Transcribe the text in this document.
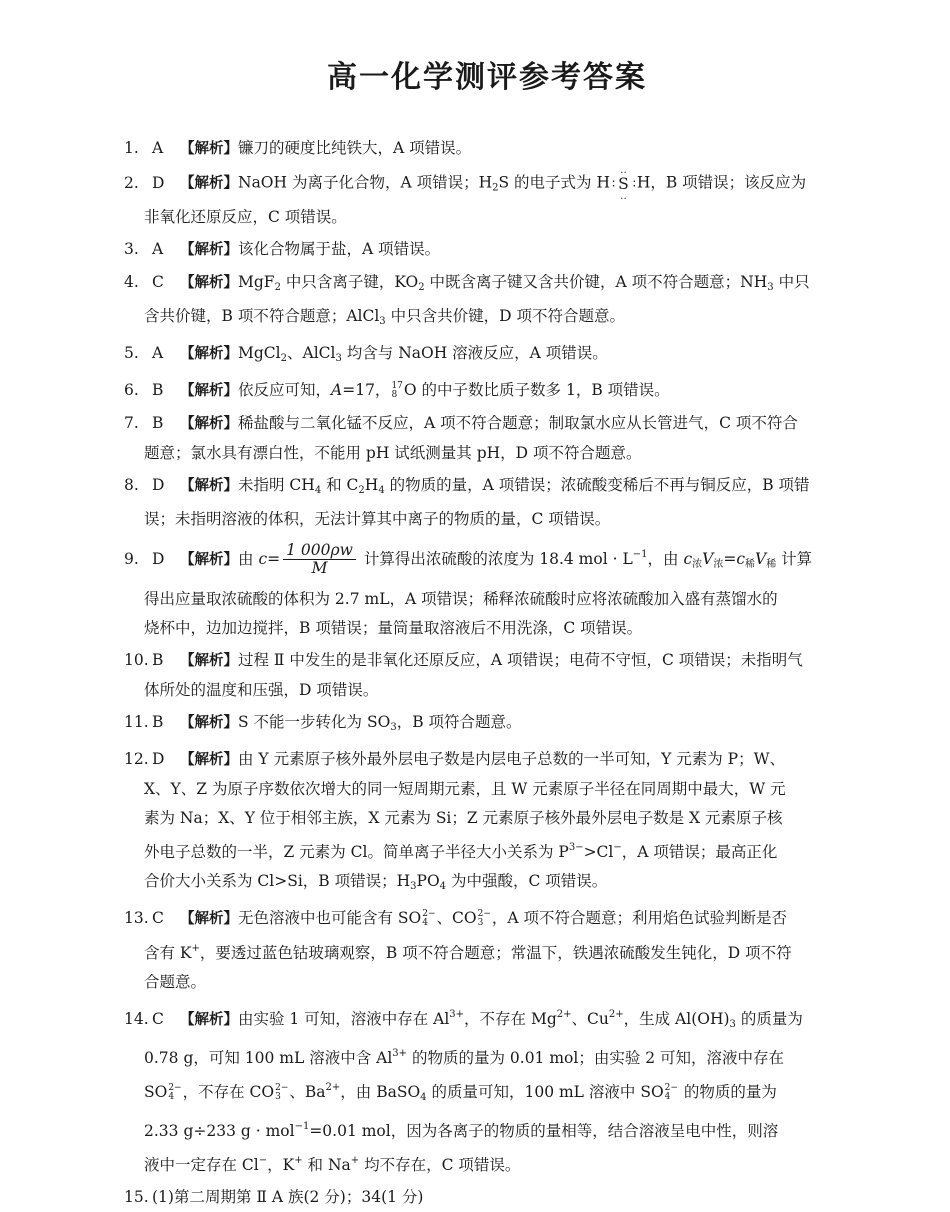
高一化学测评参考答案
1. A 【解析】镰刀的硬度比纯铁大，A 项错误。
2. D 【解析】NaOH 为离子化合物，A 项错误；$H_2S$ 的电子式为 H ∶
‥
S
‥
∶ H，B 项错误；该反应为
非氧化还原反应，C 项错误。
3. A 【解析】该化合物属于盐，A 项错误。
4. C 【解析】MgF$_2$ 中只含离子键，$KO_2$ 中既含离子键又含共价键，A 项不符合题意；$NH_3$ 中只
含共价键，B 项不符合题意；AlCl$_3$ 中只含共价键，D 项不符合题意。
5. A 【解析】MgCl$_2$、AlCl$_3$ 均含与 NaOH 溶液反应，A 项错误。
6. B 【解析】依反应可知，A=17， 17
8 O 的中子数比质子数多 1，B 项错误。
7. B 【解析】稀盐酸与二氧化锰不反应，A 项不符合题意；制取氯水应从长管进气，C 项不符合
题意；氯水具有漂白性，不能用 pH 试纸测量其 pH，D 项不符合题意。
8. D 【解析】未指明 $CH_4$ 和 $C_2H_4$ 的物质的量，A 项错误；浓硫酸变稀后不再与铜反应，B 项错
误；未指明溶液的体积，无法计算其中离子的物质的量，C 项错误。
9. D 【解析】由 $c= \frac{1 000\rho w}{M}$ 计算得出浓硫酸的浓度为 18.4 mol · $L^{-1}$，由 $c_浓V_浓=c_稀V_稀$ 计算
得出应量取浓硫酸的体积为 2.7 mL，A 项错误；稀释浓硫酸时应将浓硫酸加入盛有蒸馏水的
烧杯中，边加边搅拌，B 项错误；量筒量取溶液后不用洗涤，C 项错误。
10. B 【解析】过程 Ⅱ 中发生的是非氧化还原反应，A 项错误；电荷不守恒，C 项错误；未指明气
体所处的温度和压强，D 项错误。
11. B 【解析】S 不能一步转化为 $SO_3$，B 项符合题意。
12. D 【解析】由 Y 元素原子核外最外层电子数是内层电子总数的一半可知，Y 元素为 P；W、
X、Y、Z 为原子序数依次增大的同一短周期元素，且 W 元素原子半径在同周期中最大，W 元
素为 Na；X、Y 位于相邻主族，X 元素为 Si；Z 元素原子核外最外层电子数是 X 元素原子核
外电子总数的一半，Z 元素为 Cl。简单离子半径大小关系为 $P^{3-}>Cl^-$，A 项错误；最高正化
合价大小关系为 Cl>Si，B 项错误；$H_3PO_4$ 为中强酸，C 项错误。
13. C 【解析】无色溶液中也可能含有 SO 2−
4 、CO 2−
3 ，A 项不符合题意；利用焰色试验判断是否
含有 K+，要透过蓝色钴玻璃观察，B 项不符合题意；常温下，铁遇浓硫酸发生钝化，D 项不符
合题意。
14. C 【解析】由实验 1 可知，溶液中存在 $Al^{3+}$，不存在 $Mg^{2+}$、$Cu^{2+}$，生成 $Al(OH)_3$ 的质量为
0.78 g，可知 100 mL 溶液中含 $Al^{3+}$ 的物质的量为 0.01 mol；由实验 2 可知，溶液中存在
SO 2−
4 ，不存在 CO 2−
3 、$Ba^{2+}$，由 BaSO$_4$ 的质量可知，100 mL 溶液中 SO 2−
4 的物质的量为
2.33 g÷233 g · mol$^{-1}$=0.01 mol，因为各离子的物质的量相等，结合溶液呈电中性，则溶
液中一定存在 Cl−，K+ 和 Na+ 均不存在，C 项错误。
15. (1)第二周期第 Ⅱ A 族(2 分)；34(1 分)
